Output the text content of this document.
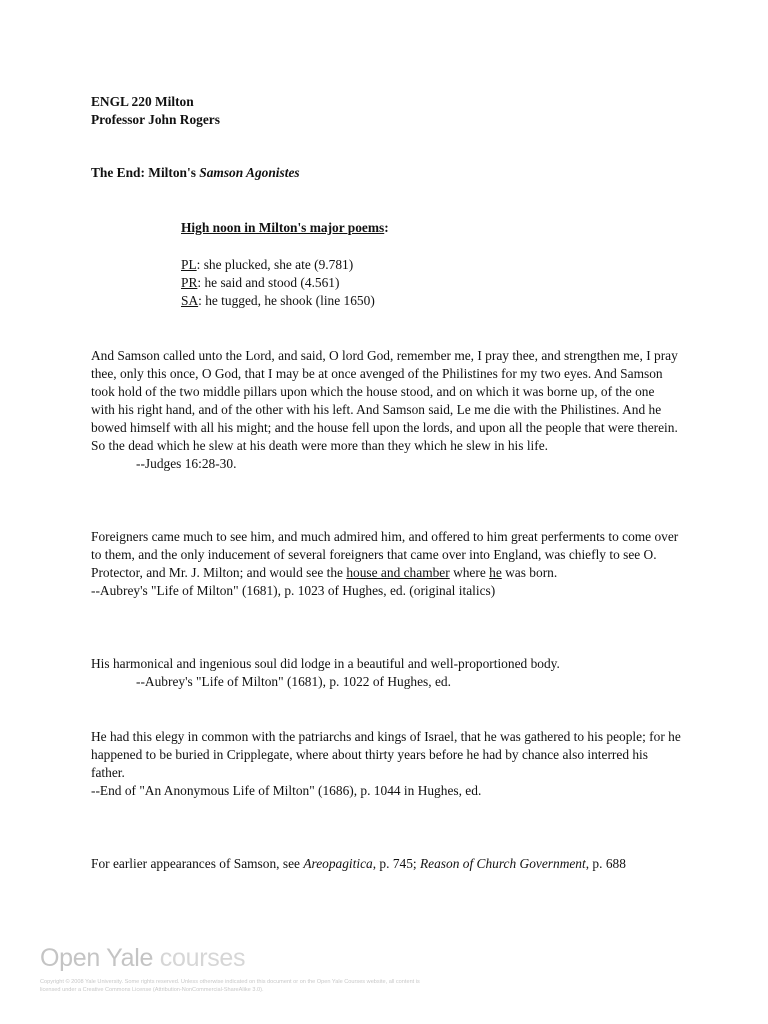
ENGL 220 Milton
Professor John Rogers
The End: Milton's Samson Agonistes
High noon in Milton's major poems:
PL: she plucked, she ate (9.781)
PR: he said and stood (4.561)
SA: he tugged, he shook (line 1650)

And Samson called unto the Lord, and said, O lord God, remember me, I pray thee, and strengthen me, I pray thee, only this once, O God, that I may be at once avenged of the Philistines for my two eyes. And Samson took hold of the two middle pillars upon which the house stood, and on which it was borne up, of the one with his right hand, and of the other with his left. And Samson said, Le me die with the Philistines. And he bowed himself with all his might; and the house fell upon the lords, and upon all the people that were therein. So the dead which he slew at his death were more than they which he slew in his life.

--Judges 16:28-30.

Foreigners came much to see him, and much admired him, and offered to him great perferments to come over to them, and the only inducement of several foreigners that came over into England, was chiefly to see O. Protector, and Mr. J. Milton; and would see the house and chamber where he was born.

--Aubrey's "Life of Milton" (1681), p. 1023 of Hughes, ed. (original italics)

His harmonical and ingenious soul did lodge in a beautiful and well-proportioned body.

--Aubrey's "Life of Milton" (1681), p. 1022 of Hughes, ed.

He had this elegy in common with the patriarchs and kings of Israel, that he was gathered to his people; for he happened to be buried in Cripplegate, where about thirty years before he had by chance also interred his father.

--End of "An Anonymous Life of Milton" (1686), p. 1044 in Hughes, ed.

For earlier appearances of Samson, see Areopagitica, p. 745; Reason of Church Government, p. 688

Open Yale courses
Copyright © 2008 Yale University. Some rights reserved. Unless otherwise indicated on this document or on the Open Yale Courses website, all content is licensed under a Creative Commons License (Attribution-NonCommercial-ShareAlike 3.0).
